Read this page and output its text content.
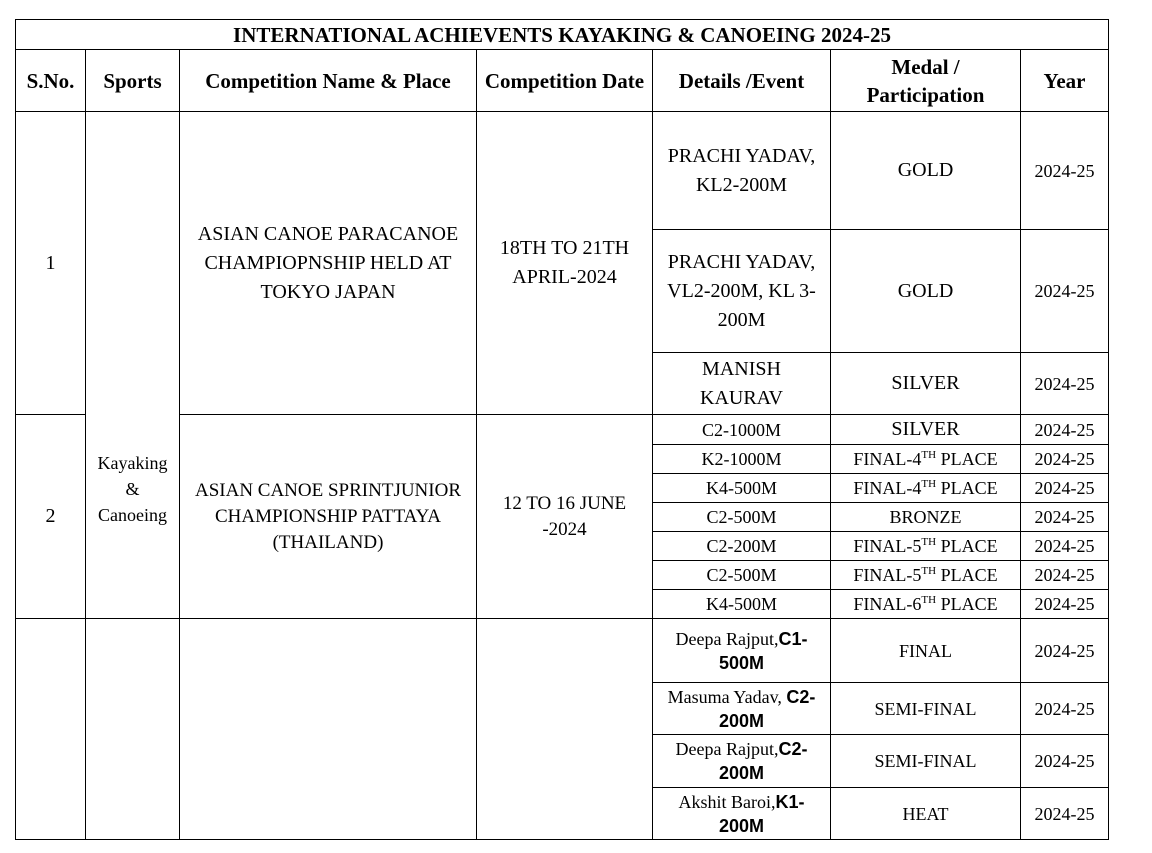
INTERNATIONAL ACHIEVENTS KAYAKING & CANOEING 2024-25						
S.No.	Sports	Competition Name & Place	Competition Date	Details /Event	Medal / Participation	Year
1	Kayaking & Canoeing	ASIAN CANOE PARACANOE CHAMPIOPNSHIP HELD AT TOKYO JAPAN	18TH TO 21TH APRIL-2024	PRACHI YADAV, KL2-200M	GOLD	2024-25
				PRACHI YADAV, VL2-200M, KL 3-200M	GOLD	2024-25
				MANISH KAURAV	SILVER	2024-25
2		ASIAN CANOE SPRINTJUNIOR CHAMPIONSHIP PATTAYA (THAILAND)	12 TO 16 JUNE -2024	C2-1000M	SILVER	2024-25
				K2-1000M	FINAL-4TH PLACE	2024-25
				K4-500M	FINAL-4TH PLACE	2024-25
				C2-500M	BRONZE	2024-25
				C2-200M	FINAL-5TH PLACE	2024-25
				C2-500M	FINAL-5TH PLACE	2024-25
				K4-500M	FINAL-6TH PLACE	2024-25
				Deepa Rajput,C1-500M	FINAL	2024-25
				Masuma Yadav, C2-200M	SEMI-FINAL	2024-25
				Deepa Rajput,C2-200M	SEMI-FINAL	2024-25
				Akshit Baroi,K1-200M	HEAT	2024-25
